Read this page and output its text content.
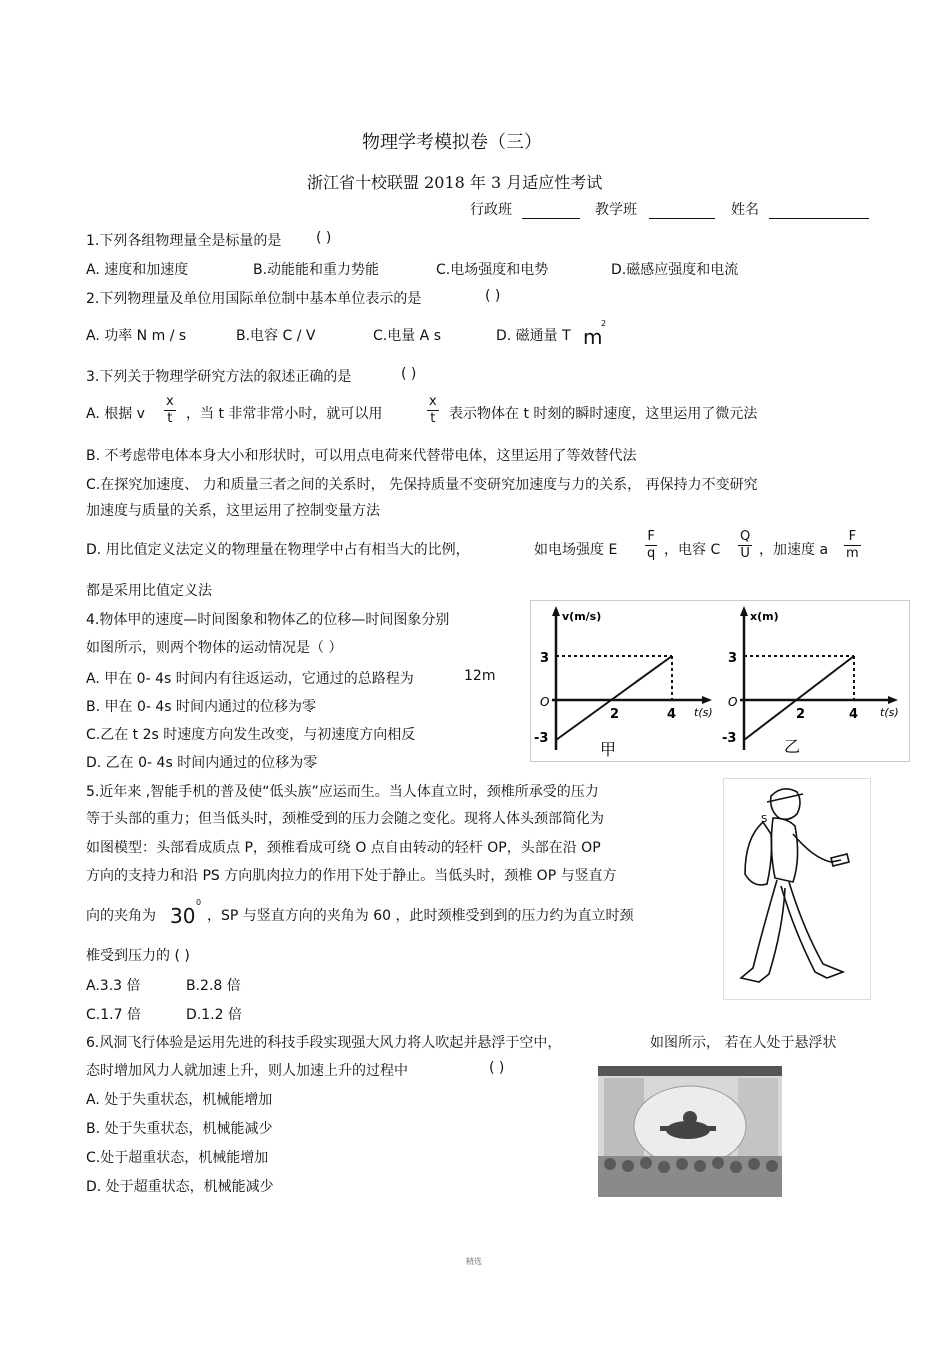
物理学考模拟卷（三）
浙江省十校联盟 2018 年 3 月适应性考试
行政班	教学班	姓名
1.下列各组物理量全是标量的是 ( )
A. 速度和加速度	B.动能能和重力势能	C.电场强度和电势	D.磁感应强度和电流
2.下列物理量及单位用国际单位制中基本单位表示的是	( )
A. 功率 N m / s	B.电容 C / V	C.电量 A s	D. 磁通量 T m
2
3.下列关于物理学研究方法的叙述正确的是	( )
A. 根据 v $\frac{x}{t}$ ，当 t 非常非常小时，就可以用	$\frac{x}{t}$ 表示物体在 t 时刻的瞬时速度，这里运用了微元法
B. 不考虑带电体本身大小和形状时，可以用点电荷来代替带电体，这里运用了等效替代法
C.在探究加速度、 力和质量三者之间的关系时， 先保持质量不变研究加速度与力的关系， 再保持力不变研究
加速度与质量的关系，这里运用了控制变量方法
D. 用比值定义法定义的物理量在物理学中占有相当大的比例，	如电场强度 E $\frac{F}{q}$ ，电容 C $\frac{Q}{U}$ ，加速度 a $\frac{F}{m}$
都是采用比值定义法
4.物体甲的速度—时间图象和物体乙的位移—时间图象分别
如图所示，则两个物体的运动情况是（ ）
A. 甲在 0- 4s 时间内有往返运动，它通过的总路程为	12m
B. 甲在 0- 4s 时间内通过的位移为零
C.乙在 t 2s 时速度方向发生改变，与初速度方向相反
D. 乙在 0- 4s 时间内通过的位移为零
v(m/s)
3
O
-3
2	4 t(s)
甲
x(m)
3
O
-3
2	4 t(s)
乙
5.近年来 ,智能手机的普及使“低头族”应运而生。当人体直立时，颈椎所承受的压力
等于头部的重力；但当低头时，颈椎受到的压力会随之变化。现将人体头颈部简化为
如图模型：头部看成质点 P，颈椎看成可绕 O 点自由转动的轻杆 OP，头部在沿 OP
方向的支持力和沿 PS 方向肌肉拉力的作用下处于静止。当低头时，颈椎 OP 与竖直方
向的夹角为 30
0
，SP 与竖直方向的夹角为 60 ，此时颈椎受到到的压力约为直立时颈
椎受到压力的 ( )
A.3.3 倍	B.2.8 倍
C.1.7 倍	D.1.2 倍
S
6.风洞飞行体验是运用先进的科技手段实现强大风力将人吹起并悬浮于空中，	如图所示， 若在人处于悬浮状
态时增加风力人就加速上升，则人加速上升的过程中	( )
A. 处于失重状态，机械能增加
B. 处于失重状态，机械能减少
C.处于超重状态，机械能增加
D. 处于超重状态，机械能减少
精选
